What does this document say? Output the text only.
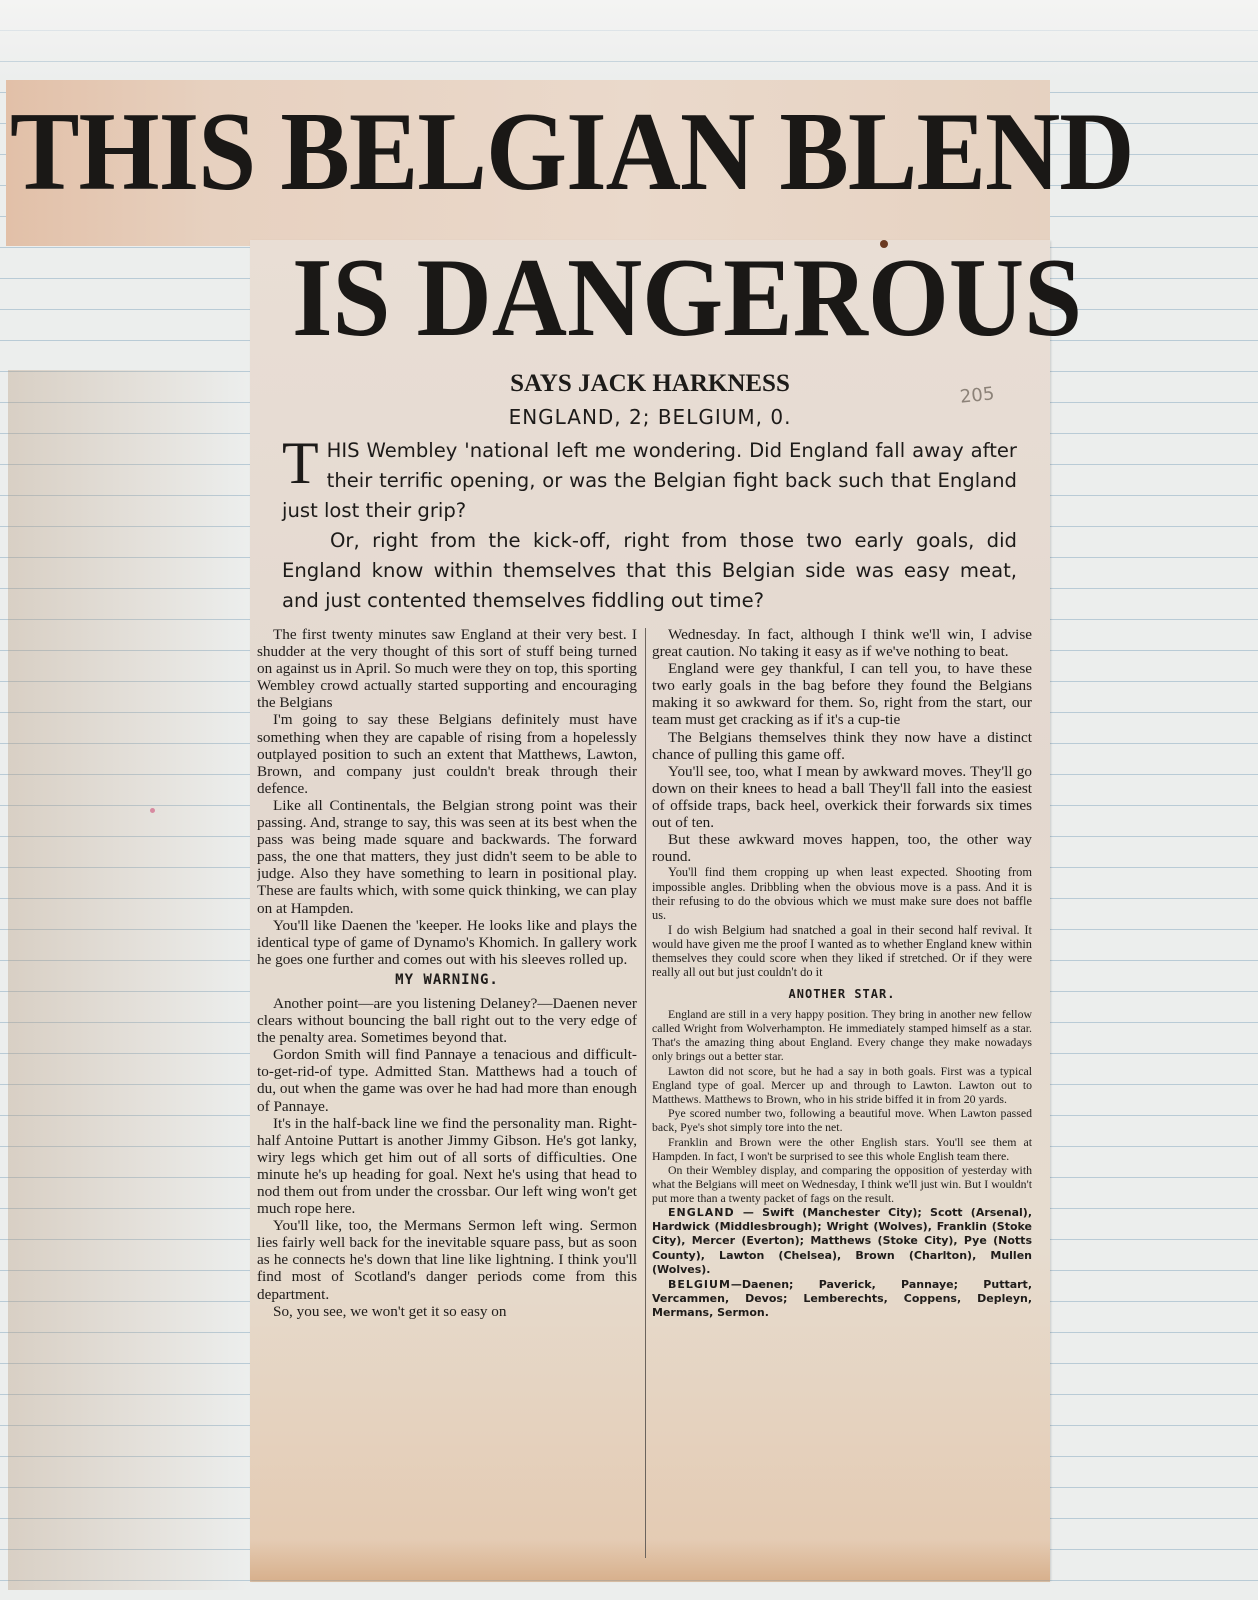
THIS BELGIAN BLEND
IS DANGEROUS
SAYS JACK HARKNESS
ENGLAND, 2; BELGIUM, 0.
205

THIS Wembley 'national left me wondering. Did England fall away after their terrific opening, or was the Belgian fight back such that England just lost their grip?

Or, right from the kick-off, right from those two early goals, did England know within themselves that this Belgian side was easy meat, and just contented themselves fiddling out time?

The first twenty minutes saw England at their very best. I shudder at the very thought of this sort of stuff being turned on against us in April. So much were they on top, this sporting Wembley crowd actually started supporting and encouraging the Belgians

I'm going to say these Belgians definitely must have something when they are capable of rising from a hopelessly outplayed position to such an extent that Matthews, Lawton, Brown, and company just couldn't break through their defence.

Like all Continentals, the Belgian strong point was their passing. And, strange to say, this was seen at its best when the pass was being made square and backwards. The forward pass, the one that matters, they just didn't seem to be able to judge. Also they have something to learn in positional play. These are faults which, with some quick thinking, we can play on at Hampden.

You'll like Daenen the 'keeper. He looks like and plays the identical type of game of Dynamo's Khomich. In gallery work he goes one further and comes out with his sleeves rolled up.

MY WARNING.

Another point—are you listening Delaney?—Daenen never clears without bouncing the ball right out to the very edge of the penalty area. Sometimes beyond that.

Gordon Smith will find Pannaye a tenacious and difficult-to-get-rid-of type. Admitted Stan. Matthews had a touch of du, out when the game was over he had had more than enough of Pannaye.

It's in the half-back line we find the personality man. Right-half Antoine Puttart is another Jimmy Gibson. He's got lanky, wiry legs which get him out of all sorts of difficulties. One minute he's up heading for goal. Next he's using that head to nod them out from under the crossbar. Our left wing won't get much rope here.

You'll like, too, the Mermans Sermon left wing. Sermon lies fairly well back for the inevitable square pass, but as soon as he connects he's down that line like lightning. I think you'll find most of Scotland's danger periods come from this department.

So, you see, we won't get it so easy on

Wednesday. In fact, although I think we'll win, I advise great caution. No taking it easy as if we've nothing to beat.

England were gey thankful, I can tell you, to have these two early goals in the bag before they found the Belgians making it so awkward for them. So, right from the start, our team must get cracking as if it's a cup-tie

The Belgians themselves think they now have a distinct chance of pulling this game off.

You'll see, too, what I mean by awkward moves. They'll go down on their knees to head a ball They'll fall into the easiest of offside traps, back heel, overkick their forwards six times out of ten.

But these awkward moves happen, too, the other way round.

You'll find them cropping up when least expected. Shooting from impossible angles. Dribbling when the obvious move is a pass. And it is their refusing to do the obvious which we must make sure does not baffle us.

I do wish Belgium had snatched a goal in their second half revival. It would have given me the proof I wanted as to whether England knew within themselves they could score when they liked if stretched. Or if they were really all out but just couldn't do it

ANOTHER STAR.

England are still in a very happy position. They bring in another new fellow called Wright from Wolverhampton. He immediately stamped himself as a star. That's the amazing thing about England. Every change they make nowadays only brings out a better star.

Lawton did not score, but he had a say in both goals. First was a typical England type of goal. Mercer up and through to Lawton. Lawton out to Matthews. Matthews to Brown, who in his stride biffed it in from 20 yards.

Pye scored number two, following a beautiful move. When Lawton passed back, Pye's shot simply tore into the net.

Franklin and Brown were the other English stars. You'll see them at Hampden. In fact, I won't be surprised to see this whole English team there.

On their Wembley display, and comparing the opposition of yesterday with what the Belgians will meet on Wednesday, I think we'll just win. But I wouldn't put more than a twenty packet of fags on the result.

ENGLAND — Swift (Manchester City); Scott (Arsenal), Hardwick (Middlesbrough); Wright (Wolves), Franklin (Stoke City), Mercer (Everton); Matthews (Stoke City), Pye (Notts County), Lawton (Chelsea), Brown (Charlton), Mullen (Wolves).

BELGIUM—Daenen; Paverick, Pannaye; Puttart, Vercammen, Devos; Lemberechts, Coppens, Depleyn, Mermans, Sermon.
